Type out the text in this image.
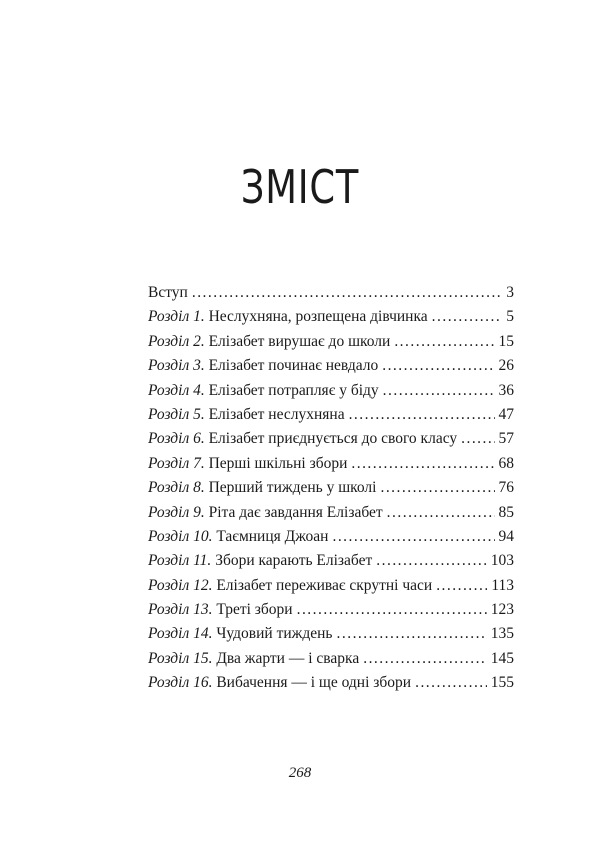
ЗМІСТ
Вступ . . .	3
Розділ 1. Неслухняна, розпещена дівчинка . . .	5
Розділ 2. Елізабет вирушає до школи . . .	15
Розділ 3. Елізабет починає невдало . . .	26
Розділ 4. Елізабет потрапляє у біду . . .	36
Розділ 5. Елізабет неслухняна . . .	47
Розділ 6. Елізабет приєднується до свого класу . . .	57
Розділ 7. Перші шкільні збори . . .	68
Розділ 8. Перший тиждень у школі . . .	76
Розділ 9. Ріта дає завдання Елізабет . . .	85
Розділ 10. Таємниця Джоан . . .	94
Розділ 11. Збори карають Елізабет . . .	103
Розділ 12. Елізабет переживає скрутні часи . . .	113
Розділ 13. Треті збори . . .	123
Розділ 14. Чудовий тиждень . . .	135
Розділ 15. Два жарти — і сварка . . .	145
Розділ 16. Вибачення — і ще одні збори . . .	155
268
